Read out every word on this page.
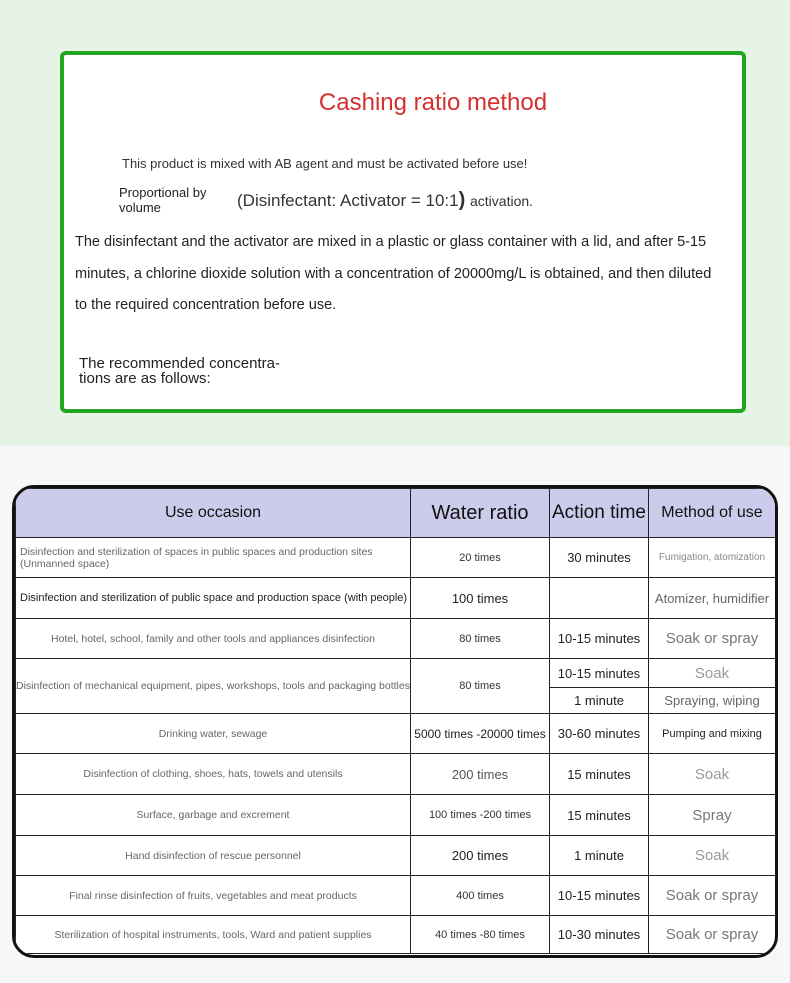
Cashing ratio method
This product is mixed with AB agent and must be activated before use!
Proportional by volume	(Disinfectant: Activator = 10:1) activation.
The disinfectant and the activator are mixed in a plastic or glass container with a lid, and after 5-15 minutes, a chlorine dioxide solution with a concentration of 20000mg/L is obtained, and then diluted to the required concentration before use.
The recommended concentra-tions are as follows:
Use occasion	Water ratio	Action time	Method of use
Disinfection and sterilization of spaces in public spaces and production sites (Unmanned space)	20 times	30 minutes	Fumigation, atomization
Disinfection and sterilization of public space and production space (with people)	100 times		Atomizer, humidifier
Hotel, hotel, school, family and other tools and appliances disinfection	80 times	10-15 minutes	Soak or spray
Disinfection of mechanical equipment, pipes, workshops, tools and packaging bottles	80 times	10-15 minutes	Soak
		1 minute	Spraying, wiping
Drinking water, sewage	5000 times -20000 times	30-60 minutes	Pumping and mixing
Disinfection of clothing, shoes, hats, towels and utensils	200 times	15 minutes	Soak
Surface, garbage and excrement	100 times -200 times	15 minutes	Spray
Hand disinfection of rescue personnel	200 times	1 minute	Soak
Final rinse disinfection of fruits, vegetables and meat products	400 times	10-15 minutes	Soak or spray
Sterilization of hospital instruments, tools, Ward and patient supplies	40 times -80 times	10-30 minutes	Soak or spray
